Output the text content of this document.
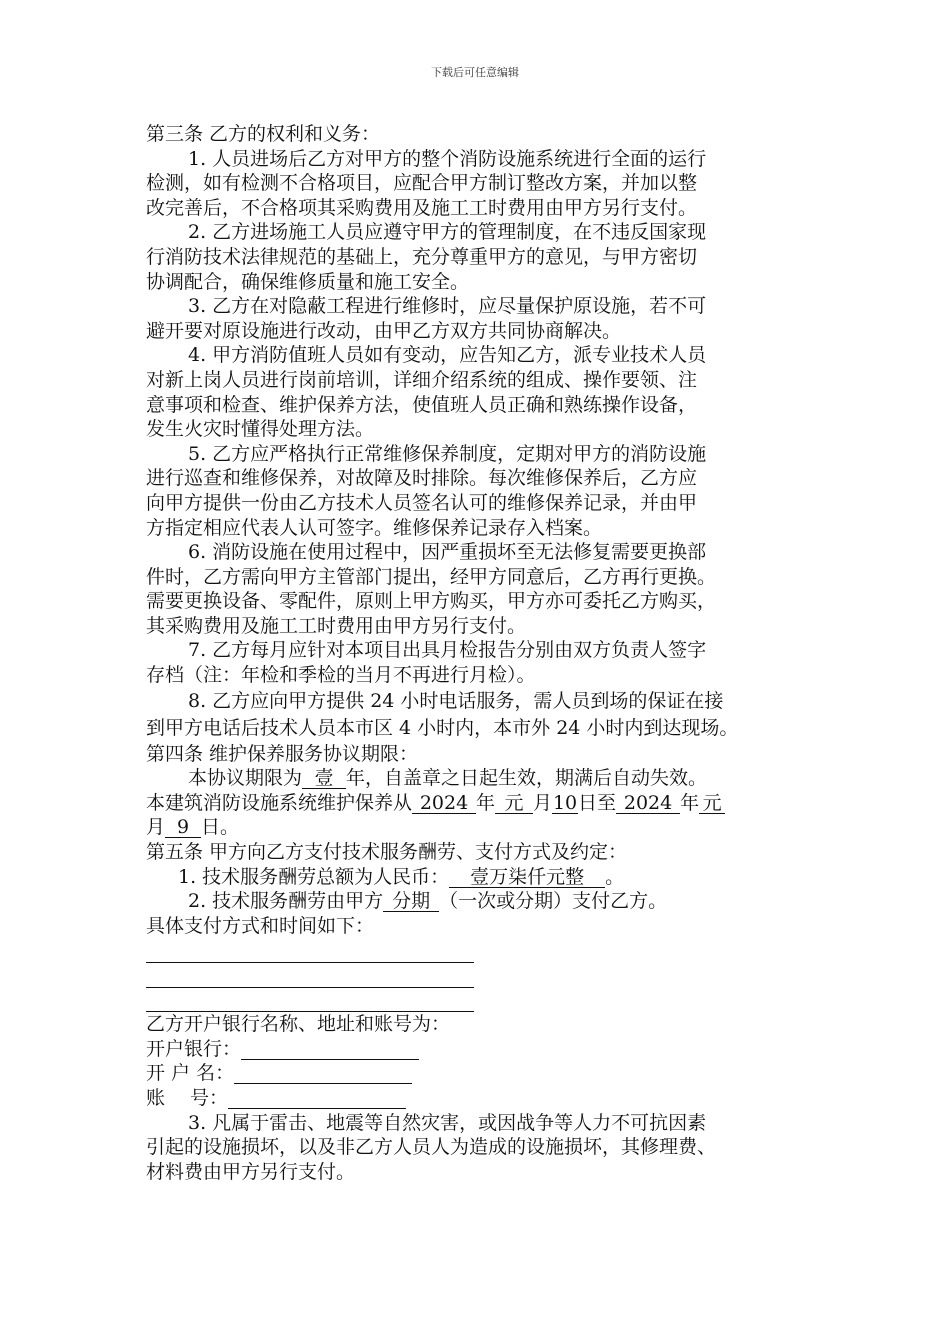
下载后可任意编辑
第三条 乙方的权利和义务：
1. 人员进场后乙方对甲方的整个消防设施系统进行全面的运行
检测，如有检测不合格项目，应配合甲方制订整改方案，并加以整
改完善后，不合格项其采购费用及施工工时费用由甲方另行支付。
2. 乙方进场施工人员应遵守甲方的管理制度，在不违反国家现
行消防技术法律规范的基础上，充分尊重甲方的意见，与甲方密切
协调配合，确保维修质量和施工安全。
3. 乙方在对隐蔽工程进行维修时，应尽量保护原设施，若不可
避开要对原设施进行改动，由甲乙方双方共同协商解决。
4. 甲方消防值班人员如有变动，应告知乙方，派专业技术人员
对新上岗人员进行岗前培训，详细介绍系统的组成、操作要领、注
意事项和检查、维护保养方法，使值班人员正确和熟练操作设备，
发生火灾时懂得处理方法。
5. 乙方应严格执行正常维修保养制度，定期对甲方的消防设施
进行巡查和维修保养，对故障及时排除。每次维修保养后，乙方应
向甲方提供一份由乙方技术人员签名认可的维修保养记录，并由甲
方指定相应代表人认可签字。维修保养记录存入档案。
6. 消防设施在使用过程中，因严重损坏至无法修复需要更换部
件时，乙方需向甲方主管部门提出，经甲方同意后，乙方再行更换。
需要更换设备、零配件，原则上甲方购买，甲方亦可委托乙方购买，
其采购费用及施工工时费用由甲方另行支付。
7. 乙方每月应针对本项目出具月检报告分别由双方负责人签字
存档（注：年检和季检的当月不再进行月检）。
8. 乙方应向甲方提供 24 小时电话服务，需人员到场的保证在接
到甲方电话后技术人员本市区 4 小时内，本市外 24 小时内到达现场。
第四条 维护保养服务协议期限：
本协议期限为 壹 年，自盖章之日起生效，期满后自动失效。
本建筑消防设施系统维护保养从 2024 年 元 月10日至 2024 年 元
月 9 日。
第五条 甲方向乙方支付技术服务酬劳、支付方式及约定：
1. 技术服务酬劳总额为人民币： 壹万柒仟元整 。
2. 技术服务酬劳由甲方 分期 （一次或分期）支付乙方。
具体支付方式和时间如下：
乙方开户银行名称、地址和账号为：
开户银行：
开 户 名：
账　 号：
3. 凡属于雷击、地震等自然灾害，或因战争等人力不可抗因素
引起的设施损坏，以及非乙方人员人为造成的设施损坏，其修理费、
材料费由甲方另行支付。
